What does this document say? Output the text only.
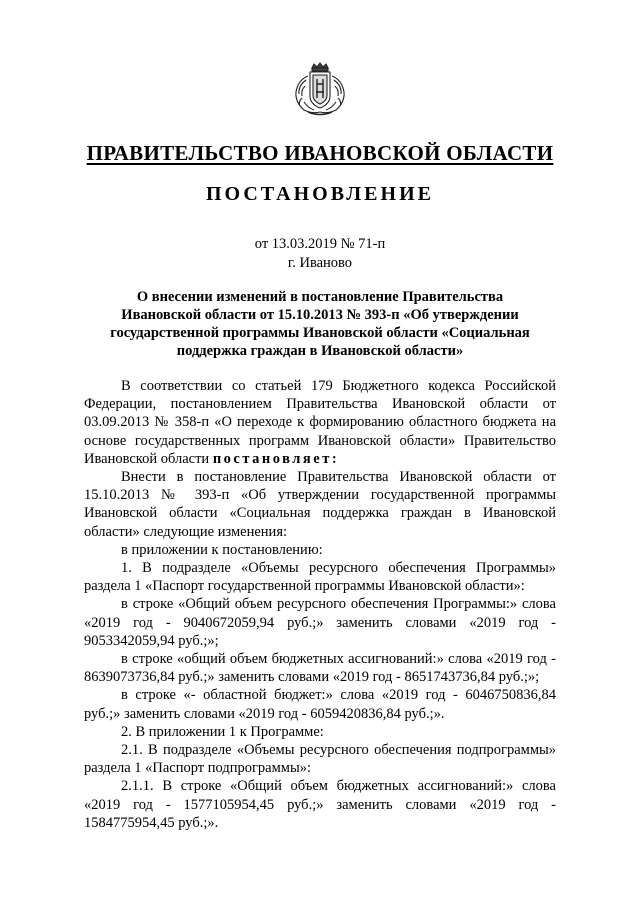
ПРАВИТЕЛЬСТВО ИВАНОВСКОЙ ОБЛАСТИ
ПОСТАНОВЛЕНИЕ
от 13.03.2019 № 71-п
г. Иваново
О внесении изменений в постановление Правительства Ивановской области от 15.10.2013 № 393-п «Об утверждении государственной программы Ивановской области «Социальная поддержка граждан в Ивановской области»

В соответствии со статьей 179 Бюджетного кодекса Российской Федерации, постановлением Правительства Ивановской области от 03.09.2013 № 358-п «О переходе к формированию областного бюджета на основе государственных программ Ивановской области» Правительство Ивановской области постановляет:

Внести в постановление Правительства Ивановской области от 15.10.2013 № 393-п «Об утверждении государственной программы Ивановской области «Социальная поддержка граждан в Ивановской области» следующие изменения:

в приложении к постановлению:

1. В подразделе «Объемы ресурсного обеспечения Программы» раздела 1 «Паспорт государственной программы Ивановской области»:

в строке «Общий объем ресурсного обеспечения Программы:» слова «2019 год - 9040672059,94 руб.;» заменить словами «2019 год - 9053342059,94 руб.;»;

в строке «общий объем бюджетных ассигнований:» слова «2019 год - 8639073736,84 руб.;» заменить словами «2019 год - 8651743736,84 руб.;»;

в строке «- областной бюджет:» слова «2019 год - 6046750836,84 руб.;» заменить словами «2019 год - 6059420836,84 руб.;».

2. В приложении 1 к Программе:

2.1. В подразделе «Объемы ресурсного обеспечения подпрограммы» раздела 1 «Паспорт подпрограммы»:

2.1.1. В строке «Общий объем бюджетных ассигнований:» слова «2019 год - 1577105954,45 руб.;» заменить словами «2019 год - 1584775954,45 руб.;».
